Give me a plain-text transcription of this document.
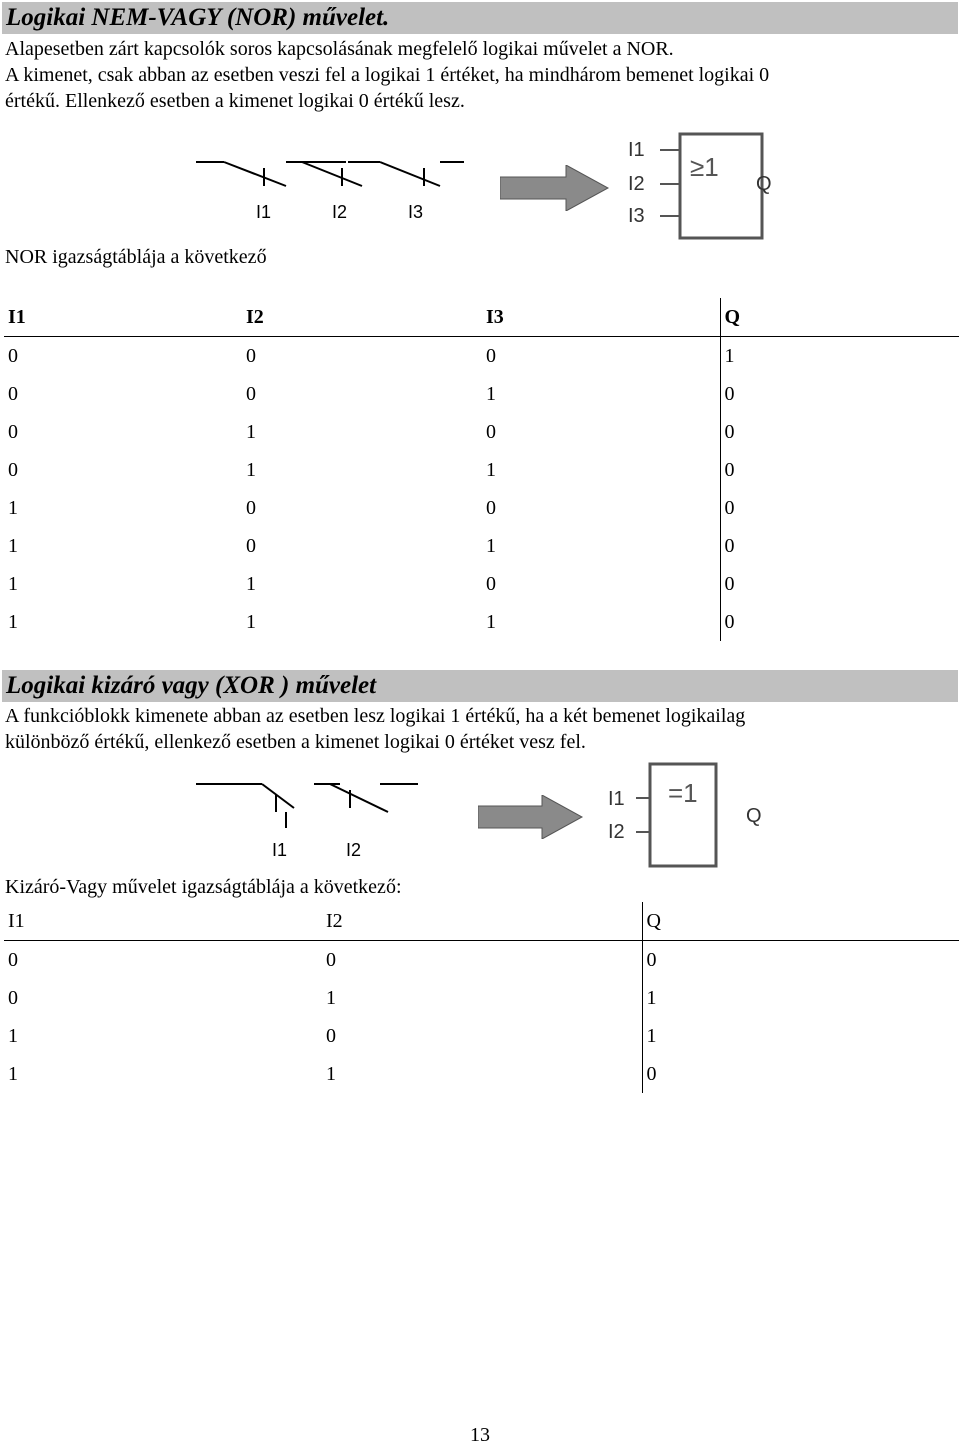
Logikai NEM-VAGY (NOR) művelet.
Alapesetben zárt kapcsolók soros kapcsolásának megfelelő logikai művelet a NOR.
A kimenet, csak abban az esetben veszi fel a logikai 1 értéket, ha mindhárom bemenet logikai 0
értékű. Ellenkező esetben a kimenet logikai 0 értékű lesz.
I1	I2	I3
I1
I2
I3
≥1
Q
NOR igazságtáblája a következő
I1	I2	I3	Q
0	0	0	1
0	0	1	0
0	1	0	0
0	1	1	0
1	0	0	0
1	0	1	0
1	1	0	0
1	1	1	0
Logikai kizáró vagy (XOR ) művelet
A funkcióblokk kimenete abban az esetben lesz logikai 1 értékű, ha a két bemenet logikailag
különböző értékű, ellenkező esetben a kimenet logikai 0 értéket vesz fel.
I1	I2
I1
I2
=1
Q
Kizáró-Vagy művelet igazságtáblája a következő:
I1	I2	Q
0	0	0
0	1	1
1	0	1
1	1	0
13
